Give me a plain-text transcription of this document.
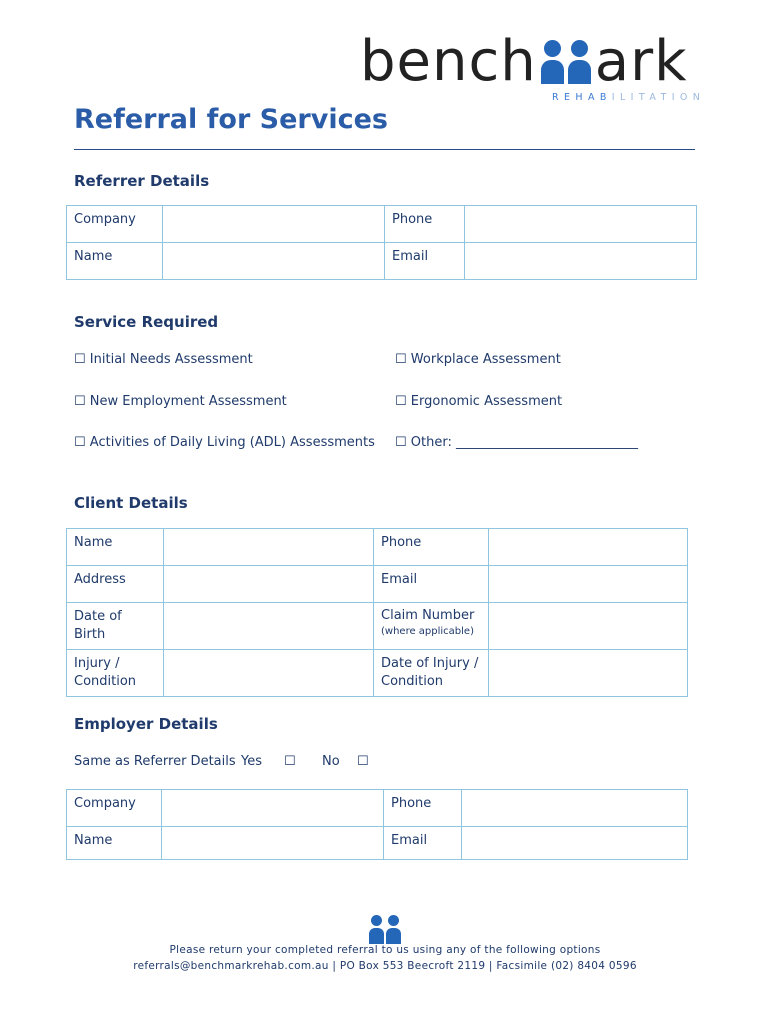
bench ark
REHABILITATION
Referral for Services
Referrer Details
Company		Phone	
Name		Email	
Service Required
☐ Initial Needs Assessment	☐ Workplace Assessment
☐ New Employment Assessment	☐ Ergonomic Assessment
☐ Activities of Daily Living (ADL) Assessments ☐ Other: ____________________________
Client Details
Name		Phone	
Address		Email	
Date of Birth		Claim Number
(where applicable)	
Injury /
Condition		Date of Injury /
Condition	
Employer Details
Same as Referrer Details Yes ☐ No ☐
Company		Phone	
Name		Email	
Please return your completed referral to us using any of the following options
referrals@benchmarkrehab.com.au | PO Box 553 Beecroft 2119 | Facsimile (02) 8404 0596
